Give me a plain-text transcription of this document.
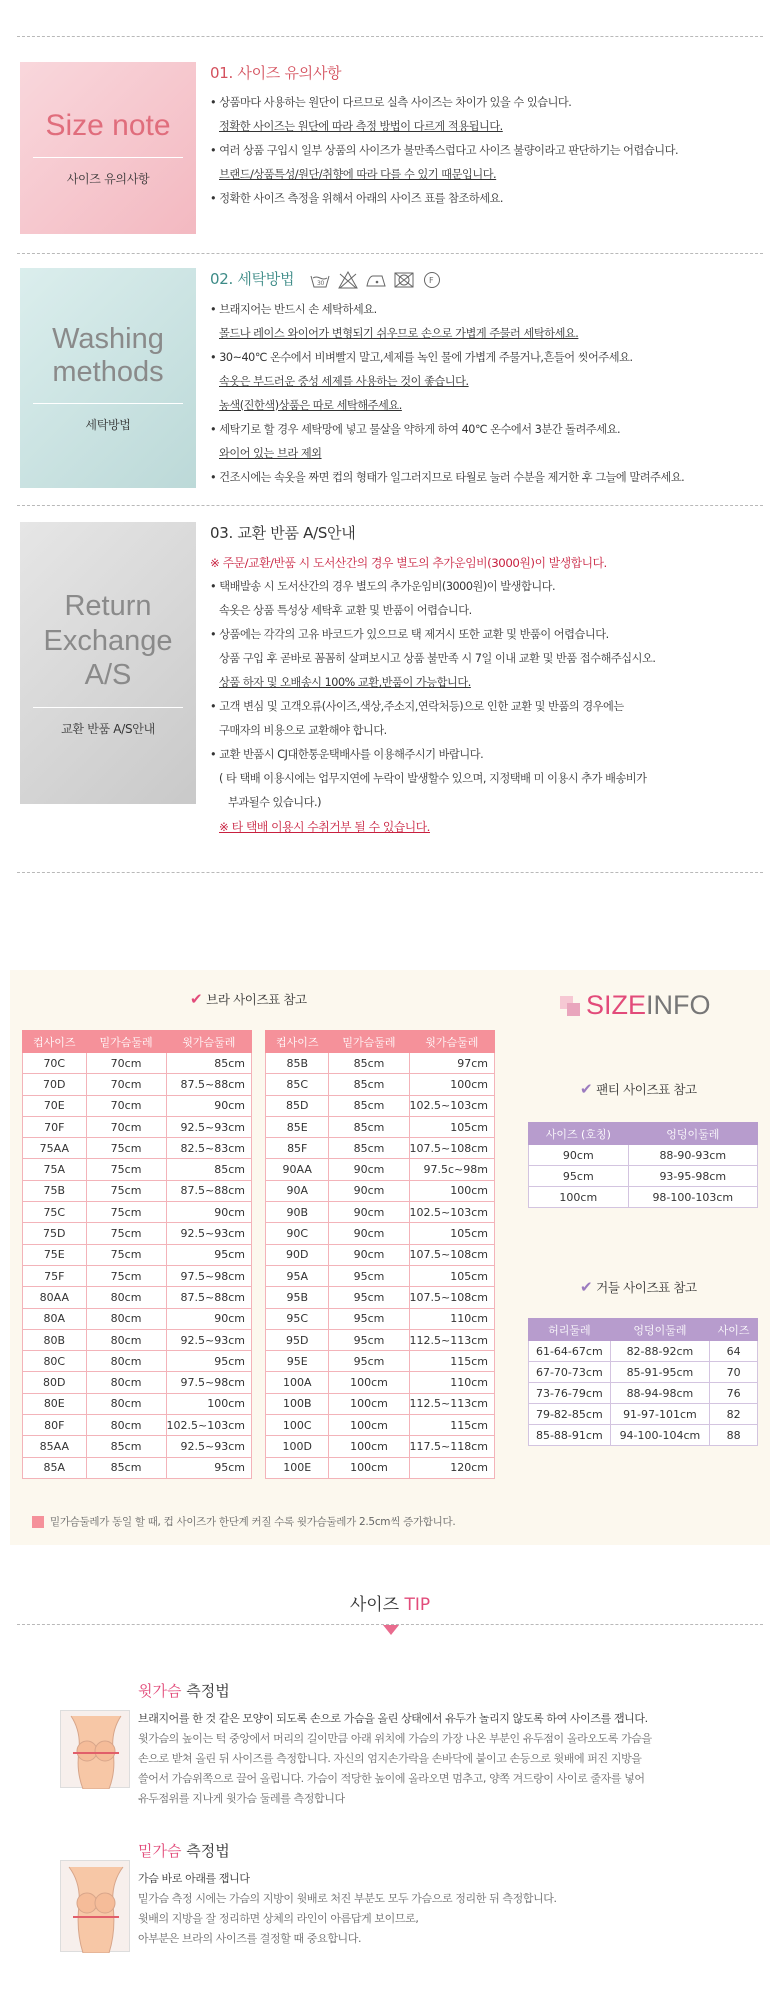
Size note
사이즈 유의사항
01. 사이즈 유의사항

• 상품마다 사용하는 원단이 다르므로 실측 사이즈는 차이가 있을 수 있습니다.

정확한 사이즈는 원단에 따라 측정 방법이 다르게 적용됩니다.

• 여러 상품 구입시 일부 상품의 사이즈가 불만족스럽다고 사이즈 불량이라고 판단하기는 어렵습니다.

브랜드/상품특성/원단/취향에 따라 다를 수 있기 때문입니다.

• 정확한 사이즈 측정을 위해서 아래의 사이즈 표를 참조하세요.

Washing
methods
세탁방법
02. 세탁방법	30	F

• 브래지어는 반드시 손 세탁하세요.

몰드나 레이스 와이어가 변형되기 쉬우므로 손으로 가볍게 주물러 세탁하세요.

• 30~40℃ 온수에서 비벼빨지 말고,세제를 녹인 물에 가볍게 주물거나,흔들어 씻어주세요.

속옷은 부드러운 중성 세제를 사용하는 것이 좋습니다.

농색(진한색)상품은 따로 세탁해주세요.

• 세탁기로 할 경우 세탁망에 넣고 물살을 약하게 하여 40℃ 온수에서 3분간 돌려주세요.

와이어 있는 브라 제외

• 건조시에는 속옷을 짜면 컵의 형태가 일그러지므로 타월로 눌러 수분을 제거한 후 그늘에 말려주세요.

Return
Exchange
A/S
교환 반품 A/S안내
03. 교환 반품 A/S안내

※ 주문/교환/반품 시 도서산간의 경우 별도의 추가운임비(3000원)이 발생합니다.

• 택배발송 시 도서산간의 경우 별도의 추가운임비(3000원)이 발생합니다.

속옷은 상품 특성상 세탁후 교환 및 반품이 어렵습니다.

• 상품에는 각각의 고유 바코드가 있으므로 택 제거시 또한 교환 및 반품이 어렵습니다.

상품 구입 후 곧바로 꼼꼼히 살펴보시고 상품 불만족 시 7일 이내 교환 및 반품 접수해주십시오.

상품 하자 및 오배송시 100% 교환,반품이 가능합니다.

• 고객 변심 및 고객오류(사이즈,색상,주소지,연락처등)으로 인한 교환 및 반품의 경우에는

구매자의 비용으로 교환해야 합니다.

• 교환 반품시 CJ대한통운택배사를 이용해주시기 바랍니다.

( 타 택배 이용시에는 업무지연에 누락이 발생할수 있으며, 지정택배 미 이용시 추가 배송비가

부과될수 있습니다.)

※ 타 택배 이용시 수취거부 될 수 있습니다.

✔ 브라 사이즈표 참고
컵사이즈	밑가슴둘레	윗가슴둘레
70C	70cm	85cm
70D	70cm	87.5~88cm
70E	70cm	90cm
70F	70cm	92.5~93cm
75AA	75cm	82.5~83cm
75A	75cm	85cm
75B	75cm	87.5~88cm
75C	75cm	90cm
75D	75cm	92.5~93cm
75E	75cm	95cm
75F	75cm	97.5~98cm
80AA	80cm	87.5~88cm
80A	80cm	90cm
80B	80cm	92.5~93cm
80C	80cm	95cm
80D	80cm	97.5~98cm
80E	80cm	100cm
80F	80cm	102.5~103cm
85AA	85cm	92.5~93cm
85A	85cm	95cm
컵사이즈	밑가슴둘레	윗가슴둘레
85B	85cm	97cm
85C	85cm	100cm
85D	85cm	102.5~103cm
85E	85cm	105cm
85F	85cm	107.5~108cm
90AA	90cm	97.5c~98m
90A	90cm	100cm
90B	90cm	102.5~103cm
90C	90cm	105cm
90D	90cm	107.5~108cm
95A	95cm	105cm
95B	95cm	107.5~108cm
95C	95cm	110cm
95D	95cm	112.5~113cm
95E	95cm	115cm
100A	100cm	110cm
100B	100cm	112.5~113cm
100C	100cm	115cm
100D	100cm	117.5~118cm
100E	100cm	120cm
밑가슴둘레가 동일 할 때, 컵 사이즈가 한단계 커질 수록 윗가슴둘레가 2.5cm씩 증가합니다.
SIZE INFO
✔ 팬티 사이즈표 참고
사이즈 (호칭)	엉덩이둘레
90cm	88-90-93cm
95cm	93-95-98cm
100cm	98-100-103cm
✔ 거들 사이즈표 참고
허리둘레	엉덩이둘레	사이즈
61-64-67cm	82-88-92cm	64
67-70-73cm	85-91-95cm	70
73-76-79cm	88-94-98cm	76
79-82-85cm	91-97-101cm	82
85-88-91cm	94-100-104cm	88
사이즈 TIP
윗가슴 측정법

브래지어를 한 것 같은 모양이 되도록 손으로 가슴을 올린 상태에서 유두가 놀리지 않도록 하여 사이즈를 잽니다.

윗가슴의 높이는 턱 중앙에서 머리의 길이만큼 아래 위치에 가슴의 가장 나온 부분인 유두점이 올라오도록 가슴을

손으로 받쳐 올린 뒤 사이즈를 측정합니다. 자신의 엄지손가락을 손바닥에 붙이고 손등으로 윗배에 퍼진 지방을

쓸어서 가슴위쪽으로 끌어 올립니다. 가슴이 적당한 높이에 올라오면 멈추고, 양쪽 겨드랑이 사이로 줄자를 넣어

유두점위를 지나게 윗가슴 둘레를 측정합니다

밑가슴 측정법

가슴 바로 아래를 잽니다

밑가슴 측정 시에는 가슴의 지방이 윗배로 처진 부분도 모두 가슴으로 정리한 뒤 측정합니다.

윗배의 지방을 잘 정리하면 상체의 라인이 아름답게 보이므로,

아부분은 브라의 사이즈를 결정할 때 중요합니다.
